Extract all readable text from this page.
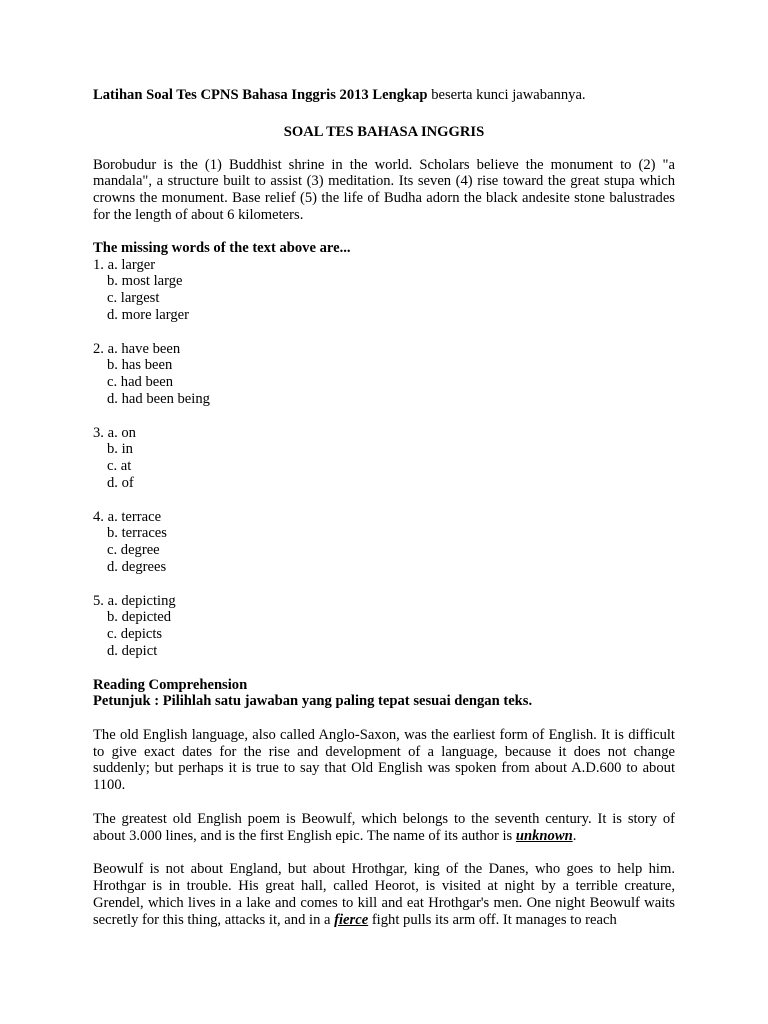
Latihan Soal Tes CPNS Bahasa Inggris 2013 Lengkap beserta kunci jawabannya.

SOAL TES BAHASA INGGRIS

Borobudur is the (1) Buddhist shrine in the world. Scholars believe the monument to (2) "a mandala", a structure built to assist (3) meditation. Its seven (4) rise toward the great stupa which crowns the monument. Base relief (5) the life of Budha adorn the black andesite stone balustrades for the length of about 6 kilometers.

The missing words of the text above are...

1. a. larger
b. most large
c. largest
d. more larger
2. a. have been
b. has been
c. had been
d. had been being
3. a. on
b. in
c. at
d. of
4. a. terrace
b. terraces
c. degree
d. degrees
5. a. depicting
b. depicted
c. depicts
d. depict

Reading Comprehension

Petunjuk : Pilihlah satu jawaban yang paling tepat sesuai dengan teks.

The old English language, also called Anglo-Saxon, was the earliest form of English. It is difficult to give exact dates for the rise and development of a language, because it does not change suddenly; but perhaps it is true to say that Old English was spoken from about A.D.600 to about 1100.

The greatest old English poem is Beowulf, which belongs to the seventh century. It is story of about 3.000 lines, and is the first English epic. The name of its author is unknown.

Beowulf is not about England, but about Hrothgar, king of the Danes, who goes to help him. Hrothgar is in trouble. His great hall, called Heorot, is visited at night by a terrible creature, Grendel, which lives in a lake and comes to kill and eat Hrothgar's men. One night Beowulf waits secretly for this thing, attacks it, and in a fierce fight pulls its arm off. It manages to reach
